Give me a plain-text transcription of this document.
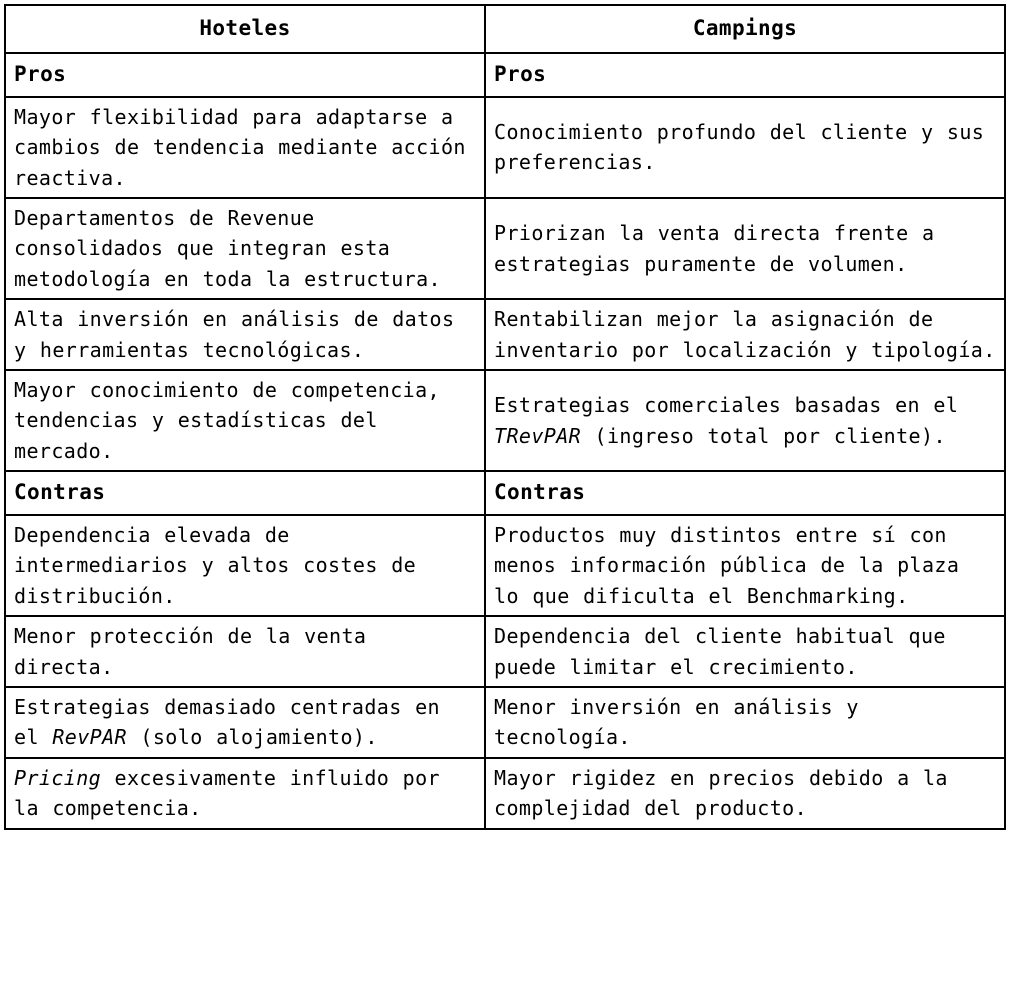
Hoteles	Campings
Pros	Pros
Mayor flexibilidad para adaptarse a cambios de tendencia mediante acción reactiva.	Conocimiento profundo del cliente y sus preferencias.
Departamentos de Revenue consolidados que integran esta metodología en toda la estructura.	Priorizan la venta directa frente a estrategias puramente de volumen.
Alta inversión en análisis de datos y herramientas tecnológicas.	Rentabilizan mejor la asignación de inventario por localización y tipología.
Mayor conocimiento de competencia, tendencias y estadísticas del mercado.	Estrategias comerciales basadas en el TRevPAR (ingreso total por cliente).

Contras	Contras
Dependencia elevada de intermediarios y altos costes de distribución.	Productos muy distintos entre sí con menos información pública de la plaza lo que dificulta el Benchmarking.
Menor protección de la venta directa.	Dependencia del cliente habitual que puede limitar el crecimiento.

Estrategias demasiado centradas en el RevPAR (solo alojamiento).	Menor inversión en análisis y tecnología.

Pricing excesivamente influido por la competencia.	Mayor rigidez en precios debido a la complejidad del producto.
